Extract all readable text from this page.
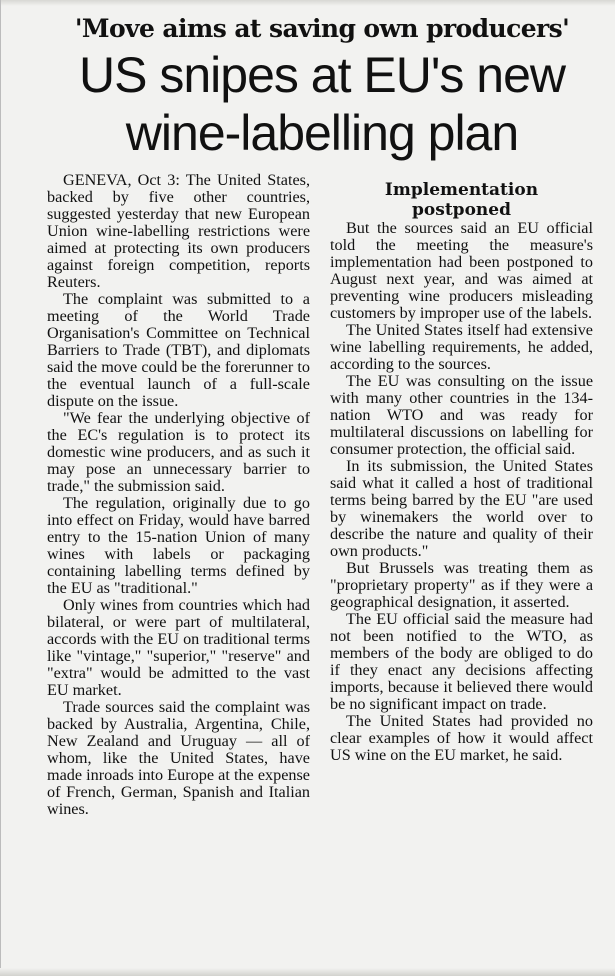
'Move aims at saving own producers'
US snipes at EU's new
wine-labelling plan

GENEVA, Oct 3: The United States, backed by five other countries, suggested yesterday that new European Union wine-labelling restrictions were aimed at protecting its own producers against foreign competition, reports Reuters.

The complaint was submitted to a meeting of the World Trade Organisation's Committee on Technical Barriers to Trade (TBT), and diplomats said the move could be the forerunner to the eventual launch of a full-scale dispute on the issue.

"We fear the underlying objective of the EC's regulation is to protect its domestic wine producers, and as such it may pose an unnecessary barrier to trade," the submission said.

The regulation, originally due to go into effect on Friday, would have barred entry to the 15-nation Union of many wines with labels or packaging containing labelling terms defined by the EU as "traditional."

Only wines from countries which had bilateral, or were part of multilateral, accords with the EU on traditional terms like "vintage," "superior," "reserve" and "extra" would be admitted to the vast EU market.

Trade sources said the complaint was backed by Australia, Argentina, Chile, New Zealand and Uruguay — all of whom, like the United States, have made inroads into Europe at the expense of French, German, Spanish and Italian wines.

Implementation
postponed

But the sources said an EU official told the meeting the measure's implementation had been postponed to August next year, and was aimed at preventing wine producers misleading customers by improper use of the labels.

The United States itself had extensive wine labelling requirements, he added, according to the sources.

The EU was consulting on the issue with many other countries in the 134-nation WTO and was ready for multilateral discussions on labelling for consumer protection, the official said.

In its submission, the United States said what it called a host of traditional terms being barred by the EU "are used by winemakers the world over to describe the nature and quality of their own products."

But Brussels was treating them as "proprietary property" as if they were a geographical designation, it asserted.

The EU official said the measure had not been notified to the WTO, as members of the body are obliged to do if they enact any decisions affecting imports, because it believed there would be no significant impact on trade.

The United States had provided no clear examples of how it would affect US wine on the EU market, he said.
